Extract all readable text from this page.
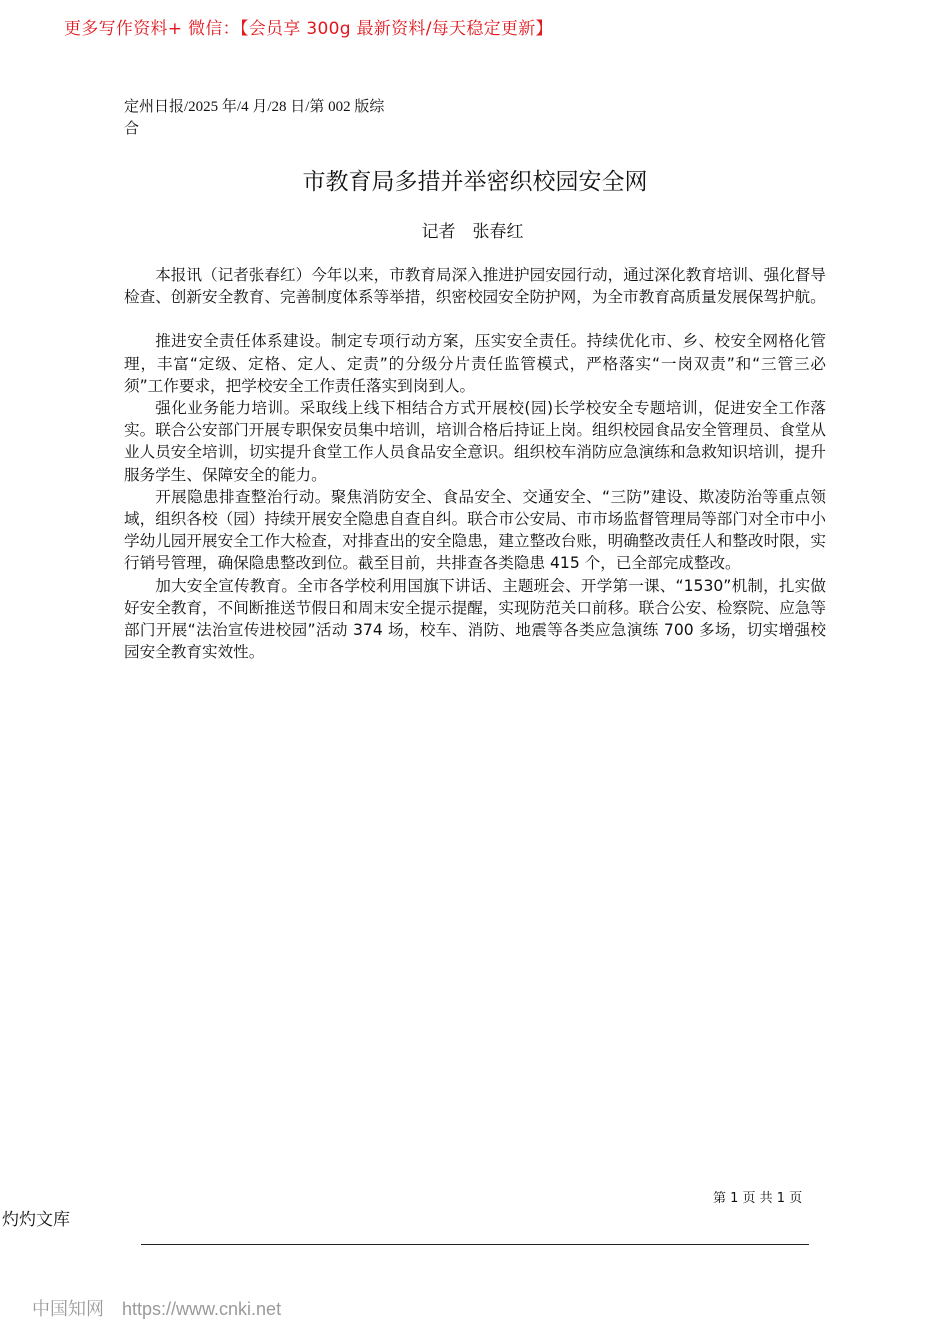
更多写作资料+ 微信：【会员享 300g 最新资料/每天稳定更新】
定州日报/2025 年/4 月/28 日/第 002 版综合
市教育局多措并举密织校园安全网
记者　张春红

本报讯（记者张春红）今年以来，市教育局深入推进护园安园行动，通过深化教育培训、强化督导检查、创新安全教育、完善制度体系等举措，织密校园安全防护网，为全市教育高质量发展保驾护航。

推进安全责任体系建设。制定专项行动方案，压实安全责任。持续优化市、乡、校安全网格化管理，丰富“定级、定格、定人、定责”的分级分片责任监管模式，严格落实“一岗双责”和“三管三必须”工作要求，把学校安全工作责任落实到岗到人。

强化业务能力培训。采取线上线下相结合方式开展校(园)长学校安全专题培训，促进安全工作落实。联合公安部门开展专职保安员集中培训，培训合格后持证上岗。组织校园食品安全管理员、食堂从业人员安全培训，切实提升食堂工作人员食品安全意识。组织校车消防应急演练和急救知识培训，提升服务学生、保障安全的能力。

开展隐患排查整治行动。聚焦消防安全、食品安全、交通安全、“三防”建设、欺凌防治等重点领域，组织各校（园）持续开展安全隐患自查自纠。联合市公安局、市市场监督管理局等部门对全市中小学幼儿园开展安全工作大检查，对排查出的安全隐患，建立整改台账，明确整改责任人和整改时限，实行销号管理，确保隐患整改到位。截至目前，共排查各类隐患 415 个，已全部完成整改。

加大安全宣传教育。全市各学校利用国旗下讲话、主题班会、开学第一课、“1530”机制，扎实做好安全教育，不间断推送节假日和周末安全提示提醒，实现防范关口前移。联合公安、检察院、应急等部门开展“法治宣传进校园”活动 374 场，校车、消防、地震等各类应急演练 700 多场，切实增强校园安全教育实效性。

第 1 页 共 1 页
灼灼文库
中国知网 https://www.cnki.net
